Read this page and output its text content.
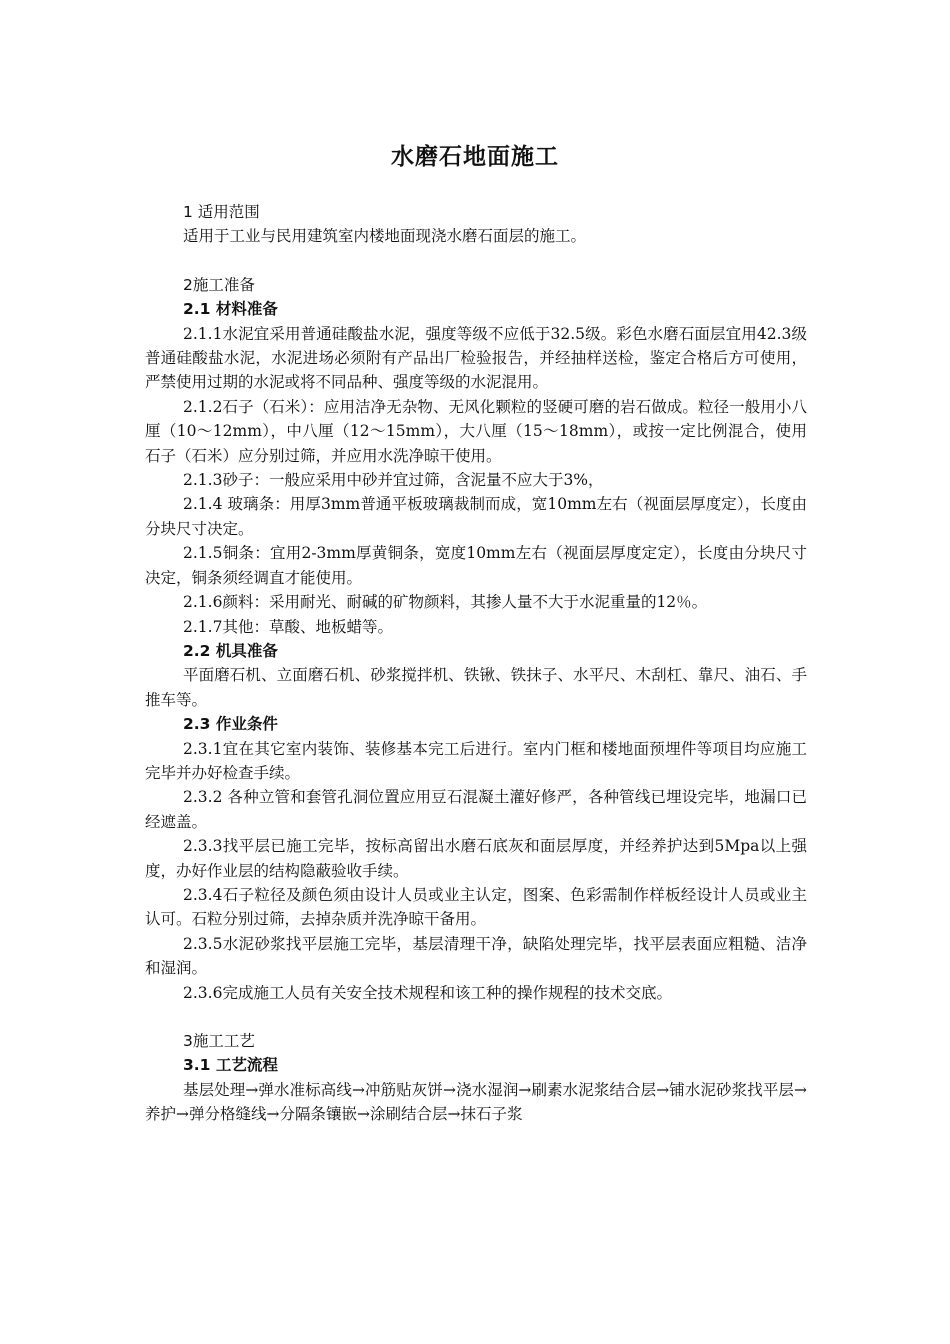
水磨石地面施工

1 适用范围

适用于工业与民用建筑室内楼地面现浇水磨石面层的施工。

2施工准备

2.1 材料准备

2.1.1水泥宜采用普通硅酸盐水泥，强度等级不应低于32.5级。彩色水磨石面层宜用42.3级普通硅酸盐水泥，水泥进场必须附有产品出厂检验报告，并经抽样送检，鉴定合格后方可使用，严禁使用过期的水泥或将不同品种、强度等级的水泥混用。

2.1.2石子（石米）：应用洁净无杂物、无风化颗粒的竖硬可磨的岩石做成。粒径一般用小八厘（10～12mm），中八厘（12～15mm），大八厘（15～18mm），或按一定比例混合，使用石子（石米）应分别过筛，并应用水洗净晾干使用。

2.1.3砂子：一般应采用中砂并宜过筛，含泥量不应大于3%，

2.1.4 玻璃条：用厚3mm普通平板玻璃裁制而成，宽10mm左右（视面层厚度定），长度由分块尺寸决定。

2.1.5铜条：宜用2-3mm厚黄铜条，宽度10mm左右（视面层厚度定定），长度由分块尺寸决定，铜条须经调直才能使用。

2.1.6颜料：采用耐光、耐碱的矿物颜料，其掺人量不大于水泥重量的12％。

2.1.7其他：草酸、地板蜡等。

2.2 机具准备

平面磨石机、立面磨石机、砂浆搅拌机、铁锹、铁抹子、水平尺、木刮杠、靠尺、油石、手推车等。

2.3 作业条件

2.3.1宜在其它室内装饰、装修基本完工后进行。室内门框和楼地面预埋件等项目均应施工完毕并办好检查手续。

2.3.2 各种立管和套管孔洞位置应用豆石混凝土灌好修严，各种管线已埋设完毕，地漏口已经遮盖。

2.3.3找平层已施工完毕，按标高留出水磨石底灰和面层厚度，并经养护达到5Mpa以上强度，办好作业层的结构隐蔽验收手续。

2.3.4石子粒径及颜色须由设计人员或业主认定，图案、色彩需制作样板经设计人员或业主认可。石粒分别过筛，去掉杂质并洗净晾干备用。

2.3.5水泥砂浆找平层施工完毕，基层清理干净，缺陷处理完毕，找平层表面应粗糙、洁净和湿润。

2.3.6完成施工人员有关安全技术规程和该工种的操作规程的技术交底。

3施工工艺

3.1 工艺流程

基层处理→弹水准标高线→冲筋贴灰饼→浇水湿润→刷素水泥浆结合层→铺水泥砂浆找平层→养护→弹分格缝线→分隔条镶嵌→涂刷结合层→抹石子浆
